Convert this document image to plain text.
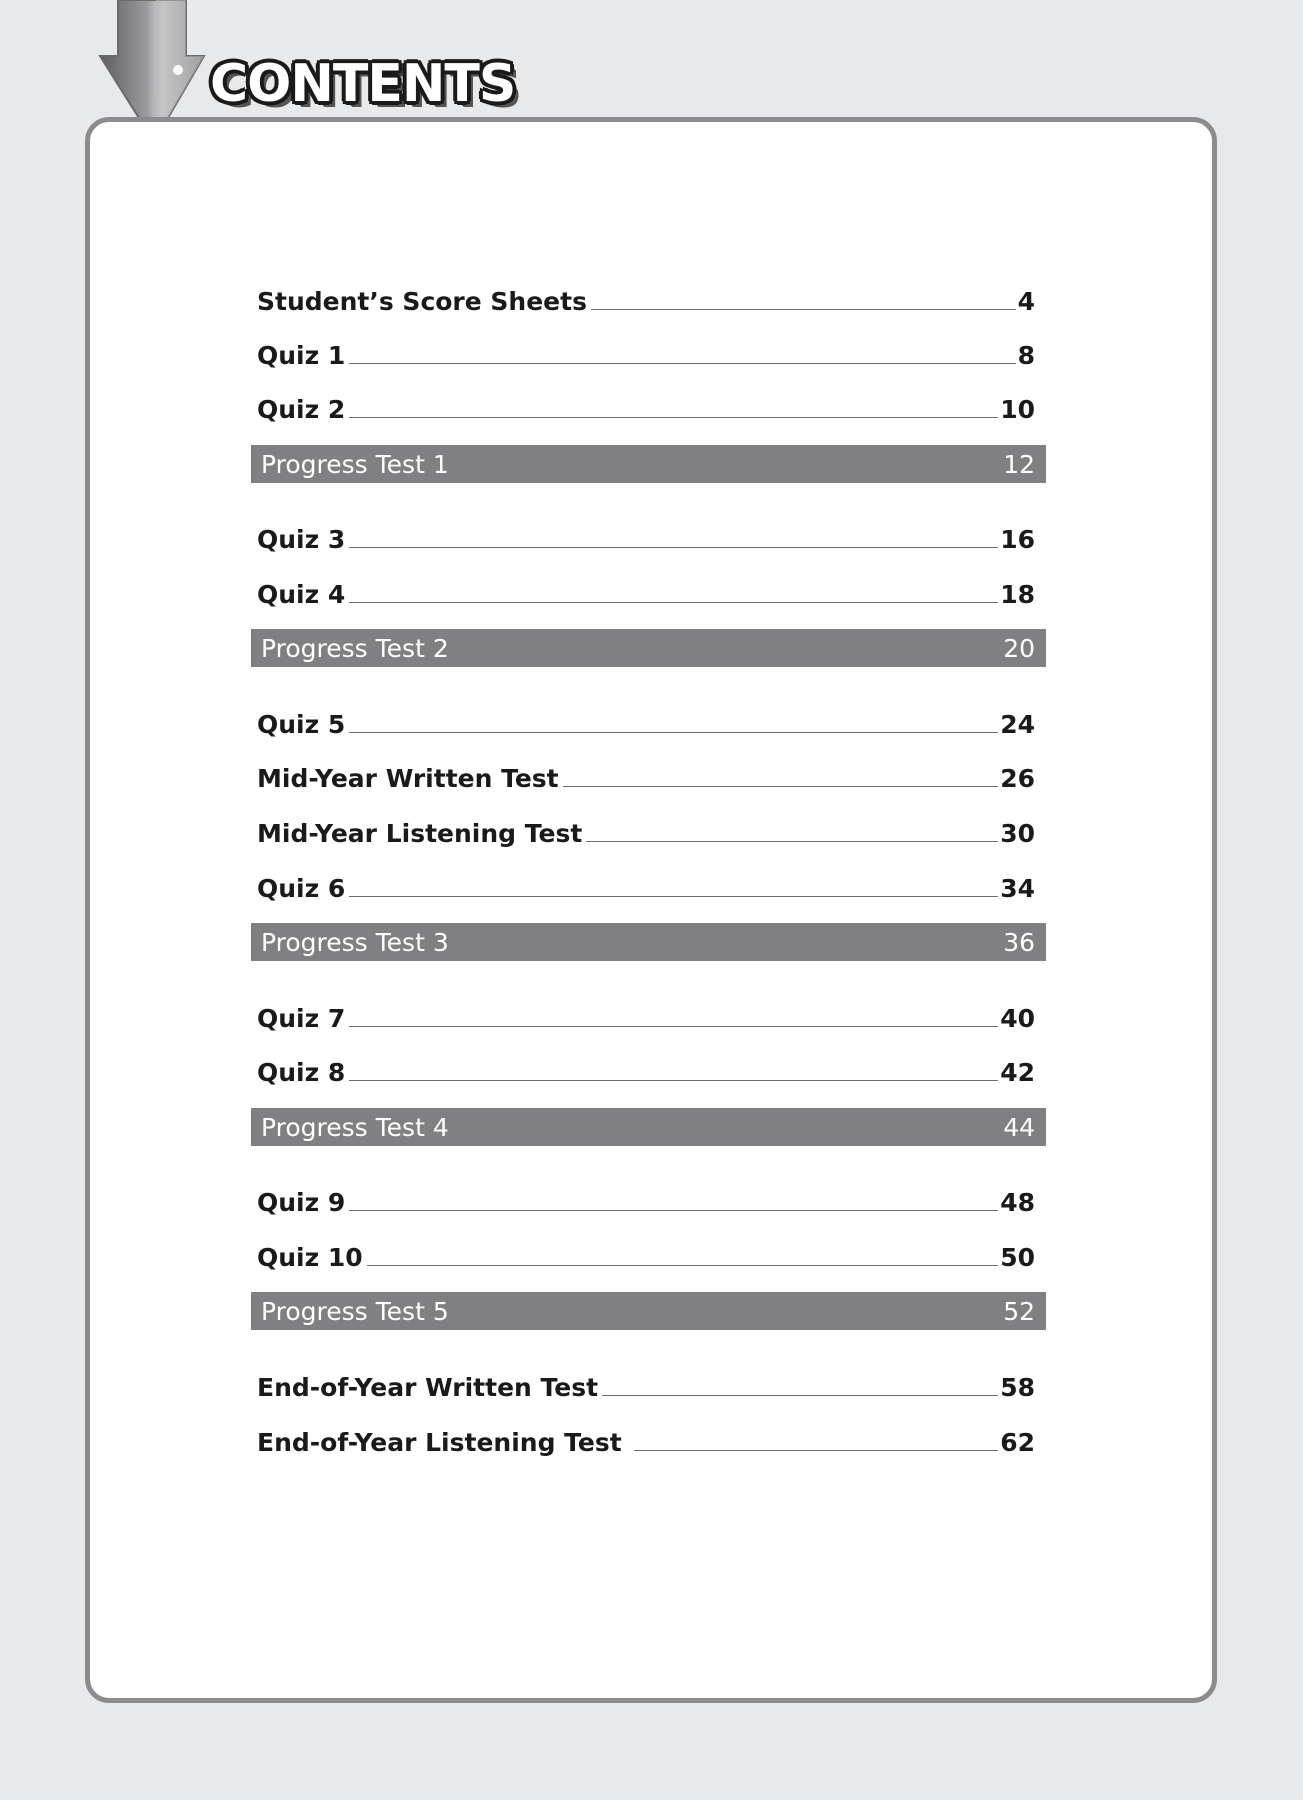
CONTENTS
Student’s Score Sheets	4
Quiz 1	8
Quiz 2	10
Progress Test 1	12
Quiz 3	16
Quiz 4	18
Progress Test 2	20
Quiz 5	24
Mid-Year Written Test	26
Mid-Year Listening Test	30
Quiz 6	34
Progress Test 3	36
Quiz 7	40
Quiz 8	42
Progress Test 4	44
Quiz 9	48
Quiz 10	50
Progress Test 5	52
End-of-Year Written Test	58
End-of-Year Listening Test	62
